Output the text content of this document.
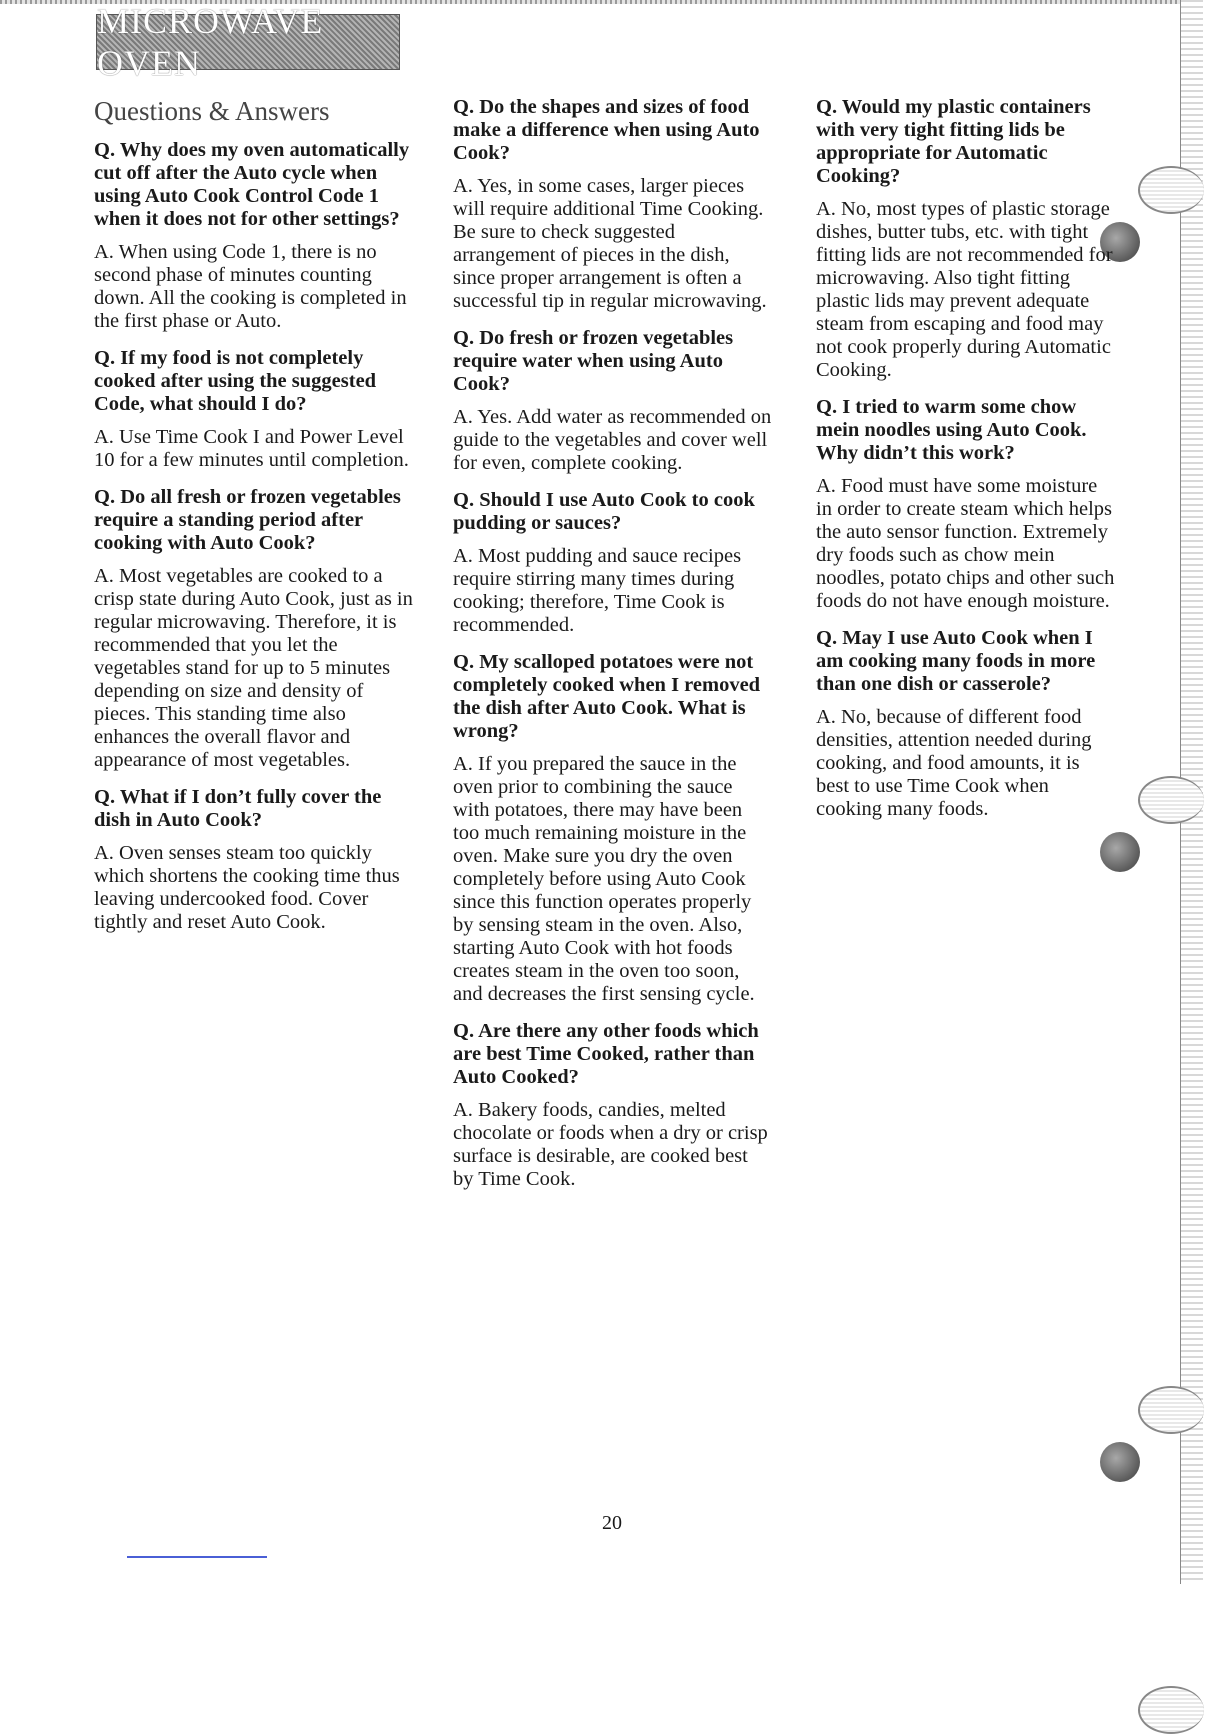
MICROWAVE OVEN
Questions & Answers

Q. Why does my oven automatically cut off after the Auto cycle when using Auto Cook Control Code 1 when it does not for other settings?

A. When using Code 1, there is no second phase of minutes counting down. All the cooking is completed in the first phase or Auto.

Q. If my food is not completely cooked after using the suggested Code, what should I do?

A. Use Time Cook I and Power Level 10 for a few minutes until completion.

Q. Do all fresh or frozen vegetables require a standing period after cooking with Auto Cook?

A. Most vegetables are cooked to a crisp state during Auto Cook, just as in regular microwaving. Therefore, it is recommended that you let the vegetables stand for up to 5 minutes depending on size and density of pieces. This standing time also enhances the overall flavor and appearance of most vegetables.

Q. What if I don’t fully cover the dish in Auto Cook?

A. Oven senses steam too quickly which shortens the cooking time thus leaving undercooked food. Cover tightly and reset Auto Cook.

Q. Do the shapes and sizes of food make a difference when using Auto Cook?

A. Yes, in some cases, larger pieces will require additional Time Cooking. Be sure to check suggested arrangement of pieces in the dish, since proper arrangement is often a successful tip in regular microwaving.

Q. Do fresh or frozen vegetables require water when using Auto Cook?

A. Yes. Add water as recommended on guide to the vegetables and cover well for even, complete cooking.

Q. Should I use Auto Cook to cook pudding or sauces?

A. Most pudding and sauce recipes require stirring many times during cooking; therefore, Time Cook is recommended.

Q. My scalloped potatoes were not completely cooked when I removed the dish after Auto Cook. What is wrong?

A. If you prepared the sauce in the oven prior to combining the sauce with potatoes, there may have been too much remaining moisture in the oven. Make sure you dry the oven completely before using Auto Cook since this function operates properly by sensing steam in the oven. Also, starting Auto Cook with hot foods creates steam in the oven too soon, and decreases the first sensing cycle.

Q. Are there any other foods which are best Time Cooked, rather than Auto Cooked?

A. Bakery foods, candies, melted chocolate or foods when a dry or crisp surface is desirable, are cooked best by Time Cook.

Q. Would my plastic containers with very tight fitting lids be appropriate for Automatic Cooking?

A. No, most types of plastic storage dishes, butter tubs, etc. with tight fitting lids are not recommended for microwaving. Also tight fitting plastic lids may prevent adequate steam from escaping and food may not cook properly during Automatic Cooking.

Q. I tried to warm some chow mein noodles using Auto Cook. Why didn’t this work?

A. Food must have some moisture in order to create steam which helps the auto sensor function. Extremely dry foods such as chow mein noodles, potato chips and other such foods do not have enough moisture.

Q. May I use Auto Cook when I am cooking many foods in more than one dish or casserole?

A. No, because of different food densities, attention needed during cooking, and food amounts, it is best to use Time Cook when cooking many foods.

20
